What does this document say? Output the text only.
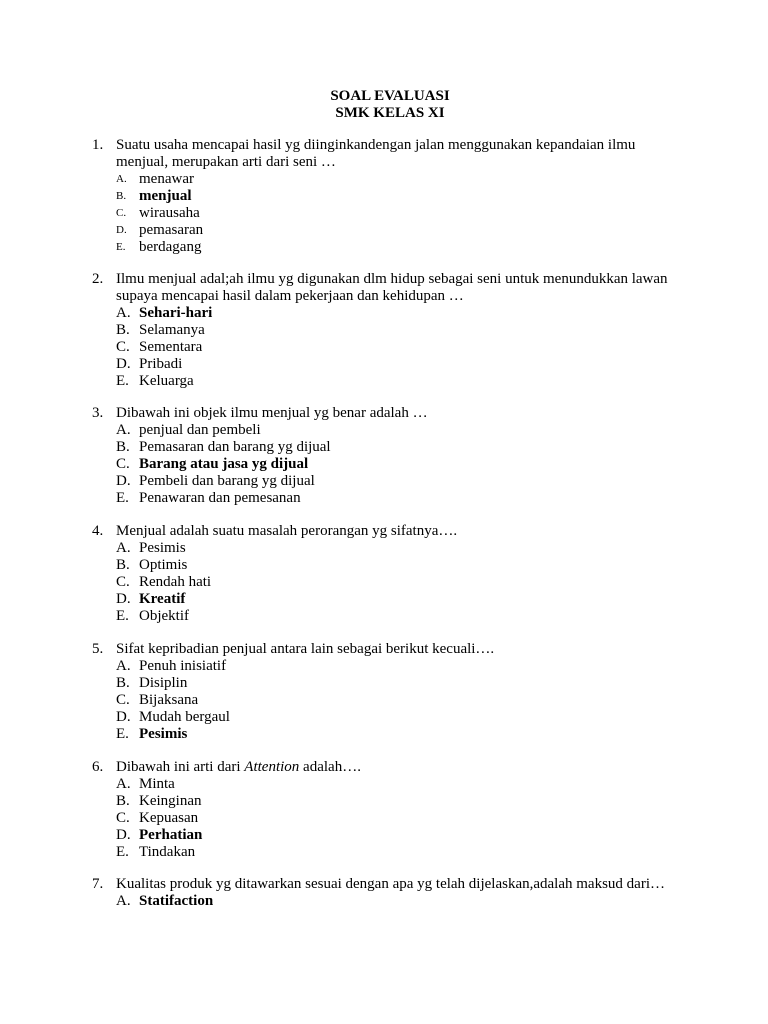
SOAL EVALUASI
SMK KELAS XI
1. Suatu usaha mencapai hasil yg diinginkandengan jalan menggunakan kepandaian ilmu menjual, merupakan arti dari seni …
A. menawar
B. menjual
C. wirausaha
D. pemasaran
E. berdagang
2. Ilmu menjual adal;ah ilmu yg digunakan dlm hidup sebagai seni untuk menundukkan lawan supaya mencapai hasil dalam pekerjaan dan kehidupan …
A. Sehari-hari
B. Selamanya
C. Sementara
D. Pribadi
E. Keluarga
3. Dibawah ini objek ilmu menjual yg benar adalah …
A. penjual dan pembeli
B. Pemasaran dan barang yg dijual
C. Barang atau jasa yg dijual
D. Pembeli dan barang yg dijual
E. Penawaran dan pemesanan
4. Menjual adalah suatu masalah perorangan yg sifatnya….
A. Pesimis
B. Optimis
C. Rendah hati
D. Kreatif
E. Objektif
5. Sifat kepribadian penjual antara lain sebagai berikut kecuali….
A. Penuh inisiatif
B. Disiplin
C. Bijaksana
D. Mudah bergaul
E. Pesimis
6. Dibawah ini arti dari Attention adalah….
A. Minta
B. Keinginan
C. Kepuasan
D. Perhatian
E. Tindakan
7. Kualitas produk yg ditawarkan sesuai dengan apa yg telah dijelaskan,adalah maksud dari…
A. Statifaction
